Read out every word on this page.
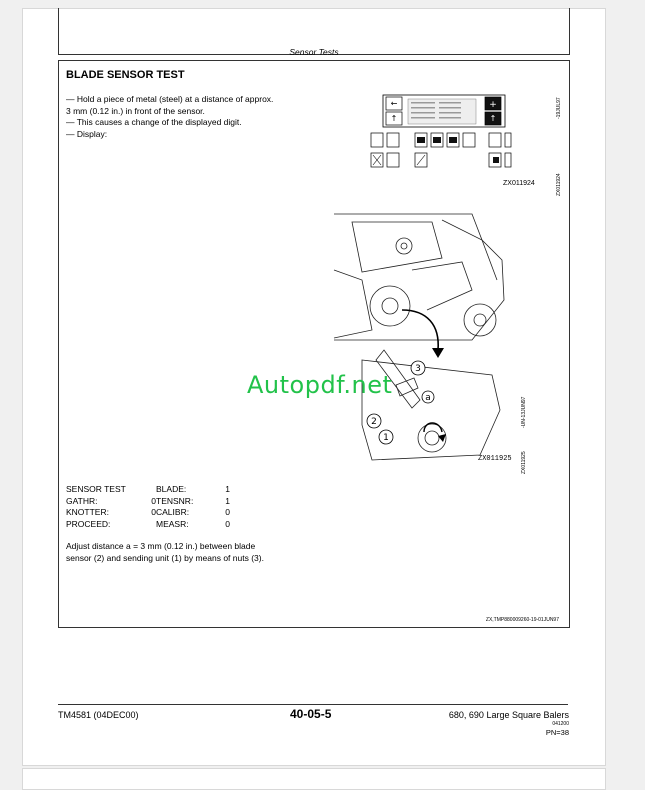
Sensor Tests
BLADE SENSOR TEST
— Hold a piece of metal (steel) at a distance of approx.
3 mm (0.12 in.) in front of the sensor.
— This causes a change of the displayed digit.
— Display:
←
↑
+
↑
ZX011924
-19JUL97
ZX011924
3
a
2
1
ZX011925
-UN-13JUN97
ZX011925
Autopdf.net
SENSOR TEST		BLADE:	1
GATHR:	0	TENSNR:	1
KNOTTER:	0	CALIBR:	0
PROCEED:		MEASR:	0
Adjust distance a = 3 mm (0.12 in.) between blade
sensor (2) and sending unit (1) by means of nuts (3).
ZX,TMP880009260-19-01JUN97
TM4581 (04DEC00)	40-05-5	680, 690 Large Square Balers
041200
PN=38
